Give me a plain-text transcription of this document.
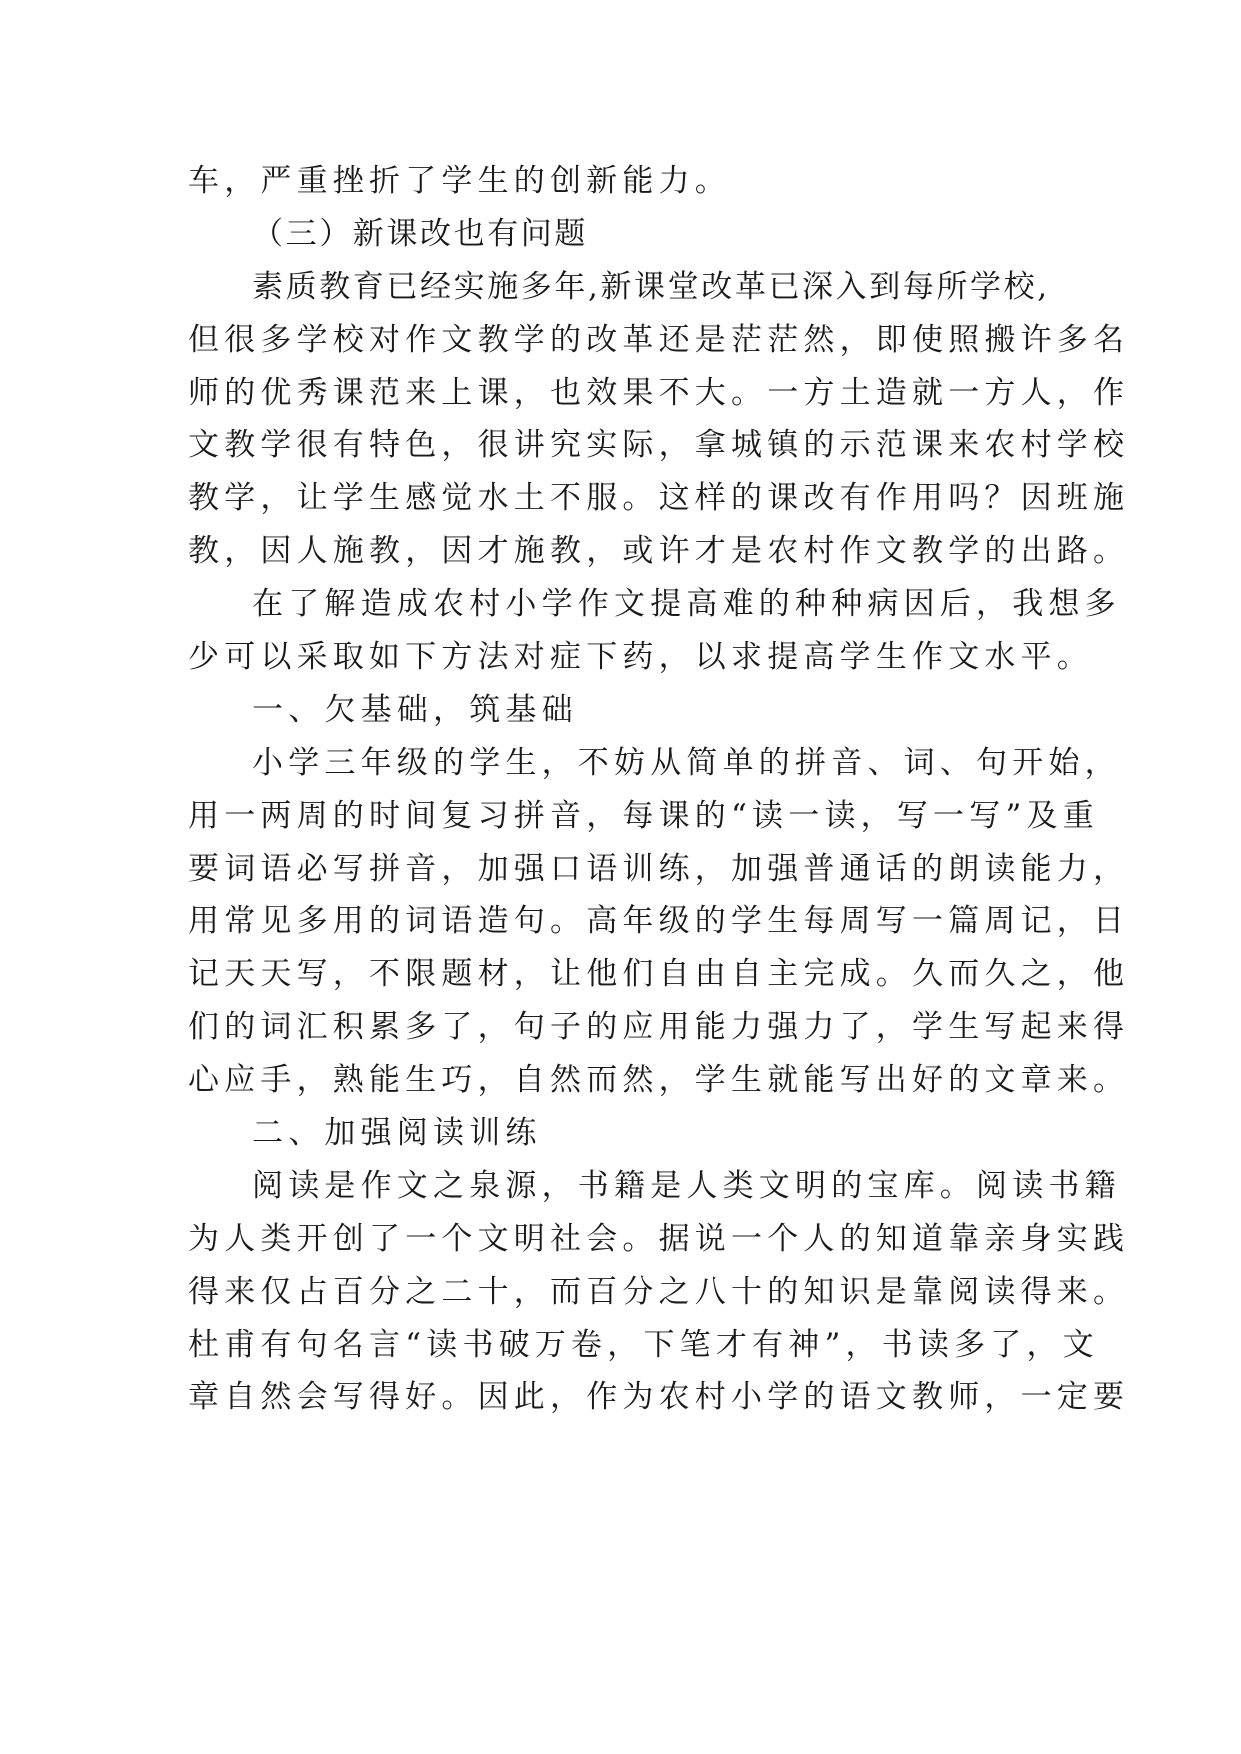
车，严重挫折了学生的创新能力。
（三）新课改也有问题
素质教育已经实施多年,新课堂改革已深入到每所学校,
但很多学校对作文教学的改革还是茫茫然，即使照搬许多名
师的优秀课范来上课，也效果不大。一方土造就一方人，作
文教学很有特色，很讲究实际，拿城镇的示范课来农村学校
教学，让学生感觉水土不服。这样的课改有作用吗？因班施
教，因人施教，因才施教，或许才是农村作文教学的出路。
在了解造成农村小学作文提高难的种种病因后，我想多
少可以采取如下方法对症下药，以求提高学生作文水平。
一、欠基础，筑基础
小学三年级的学生，不妨从简单的拼音、词、句开始，
用一两周的时间复习拼音，每课的“读一读，写一写”及重
要词语必写拼音，加强口语训练，加强普通话的朗读能力，
用常见多用的词语造句。高年级的学生每周写一篇周记，日
记天天写，不限题材，让他们自由自主完成。久而久之，他
们的词汇积累多了，句子的应用能力强力了，学生写起来得
心应手，熟能生巧，自然而然，学生就能写出好的文章来。
二、加强阅读训练
阅读是作文之泉源，书籍是人类文明的宝库。阅读书籍
为人类开创了一个文明社会。据说一个人的知道靠亲身实践
得来仅占百分之二十，而百分之八十的知识是靠阅读得来。
杜甫有句名言“读书破万卷，下笔才有神”，书读多了，文
章自然会写得好。因此，作为农村小学的语文教师，一定要
